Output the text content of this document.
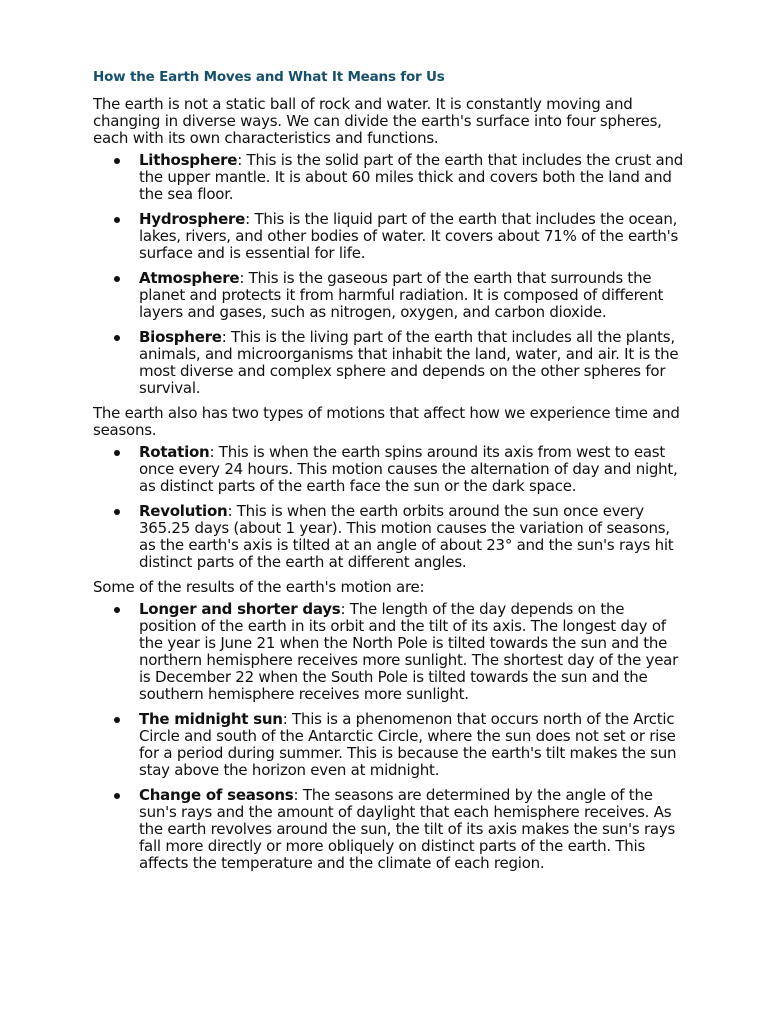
How the Earth Moves and What It Means for Us

The earth is not a static ball of rock and water. It is constantly moving and changing in diverse ways. We can divide the earth's surface into four spheres, each with its own characteristics and functions.

Lithosphere: This is the solid part of the earth that includes the crust and the upper mantle. It is about 60 miles thick and covers both the land and the sea floor.
Hydrosphere: This is the liquid part of the earth that includes the ocean, lakes, rivers, and other bodies of water. It covers about 71% of the earth's surface and is essential for life.
Atmosphere: This is the gaseous part of the earth that surrounds the planet and protects it from harmful radiation. It is composed of different layers and gases, such as nitrogen, oxygen, and carbon dioxide.
Biosphere: This is the living part of the earth that includes all the plants, animals, and microorganisms that inhabit the land, water, and air. It is the most diverse and complex sphere and depends on the other spheres for survival.

The earth also has two types of motions that affect how we experience time and seasons.

Rotation: This is when the earth spins around its axis from west to east once every 24 hours. This motion causes the alternation of day and night, as distinct parts of the earth face the sun or the dark space.
Revolution: This is when the earth orbits around the sun once every 365.25 days (about 1 year). This motion causes the variation of seasons, as the earth's axis is tilted at an angle of about 23° and the sun's rays hit distinct parts of the earth at different angles.

Some of the results of the earth's motion are:

Longer and shorter days: The length of the day depends on the position of the earth in its orbit and the tilt of its axis. The longest day of the year is June 21 when the North Pole is tilted towards the sun and the northern hemisphere receives more sunlight. The shortest day of the year is December 22 when the South Pole is tilted towards the sun and the southern hemisphere receives more sunlight.
The midnight sun: This is a phenomenon that occurs north of the Arctic Circle and south of the Antarctic Circle, where the sun does not set or rise for a period during summer. This is because the earth's tilt makes the sun stay above the horizon even at midnight.
Change of seasons: The seasons are determined by the angle of the sun's rays and the amount of daylight that each hemisphere receives. As the earth revolves around the sun, the tilt of its axis makes the sun's rays fall more directly or more obliquely on distinct parts of the earth. This affects the temperature and the climate of each region.
